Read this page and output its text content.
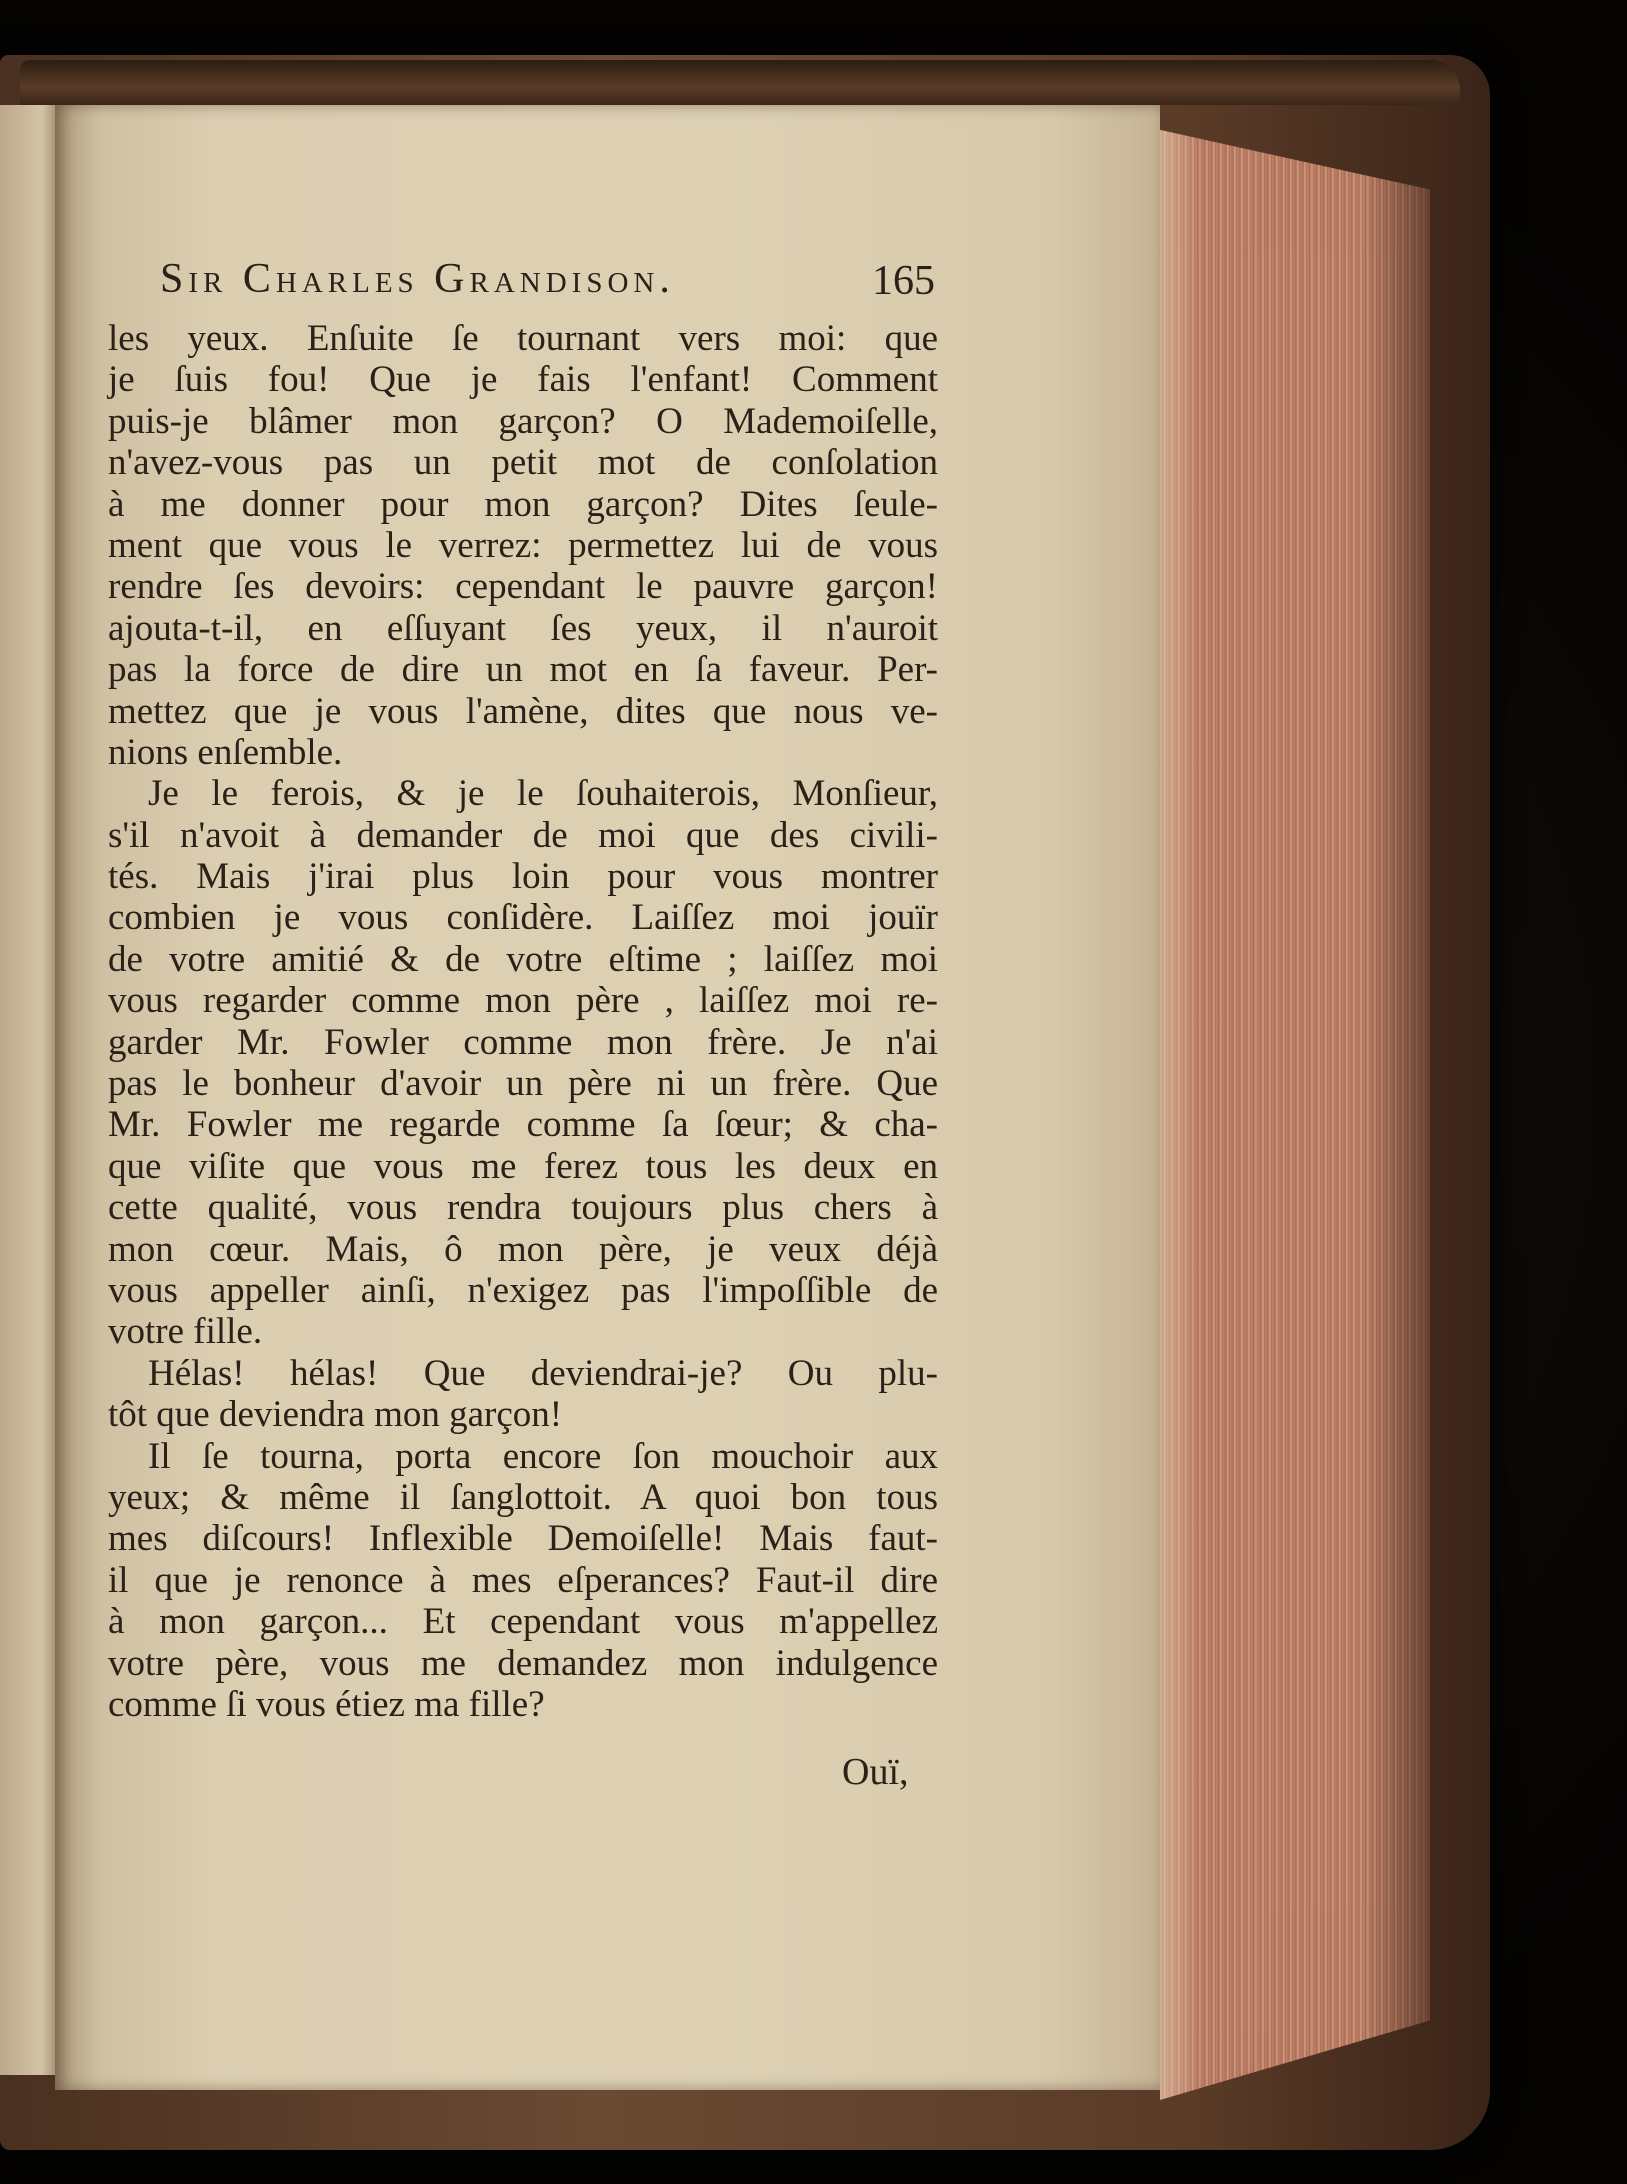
Sir Charles Grandison.	165
les yeux. Enſuite ſe tournant vers moi: que
je ſuis fou! Que je fais l'enfant! Comment
puis-je blâmer mon garçon? O Mademoiſelle,
n'avez-vous pas un petit mot de conſolation
à me donner pour mon garçon? Dites ſeule-
ment que vous le verrez: permettez lui de vous
rendre ſes devoirs: cependant le pauvre garçon!
ajouta-t-il, en eſſuyant ſes yeux, il n'auroit
pas la force de dire un mot en ſa faveur. Per-
mettez que je vous l'amène, dites que nous ve-
nions enſemble.
Je le ferois, & je le ſouhaiterois, Monſieur,
s'il n'avoit à demander de moi que des civili-
tés. Mais j'irai plus loin pour vous montrer
combien je vous conſidère. Laiſſez moi jouïr
de votre amitié & de votre eſtime ; laiſſez moi
vous regarder comme mon père , laiſſez moi re-
garder Mr. Fowler comme mon frère. Je n'ai
pas le bonheur d'avoir un père ni un frère. Que
Mr. Fowler me regarde comme ſa ſœur; & cha-
que viſite que vous me ferez tous les deux en
cette qualité, vous rendra toujours plus chers à
mon cœur. Mais, ô mon père, je veux déjà
vous appeller ainſi, n'exigez pas l'impoſſible de
votre fille.
Hélas! hélas! Que deviendrai-je? Ou plu-
tôt que deviendra mon garçon!
Il ſe tourna, porta encore ſon mouchoir aux
yeux; & même il ſanglottoit. A quoi bon tous
mes diſcours! Inflexible Demoiſelle! Mais faut-
il que je renonce à mes eſperances? Faut-il dire
à mon garçon... Et cependant vous m'appellez
votre père, vous me demandez mon indulgence
comme ſi vous étiez ma fille?
Ouï,
